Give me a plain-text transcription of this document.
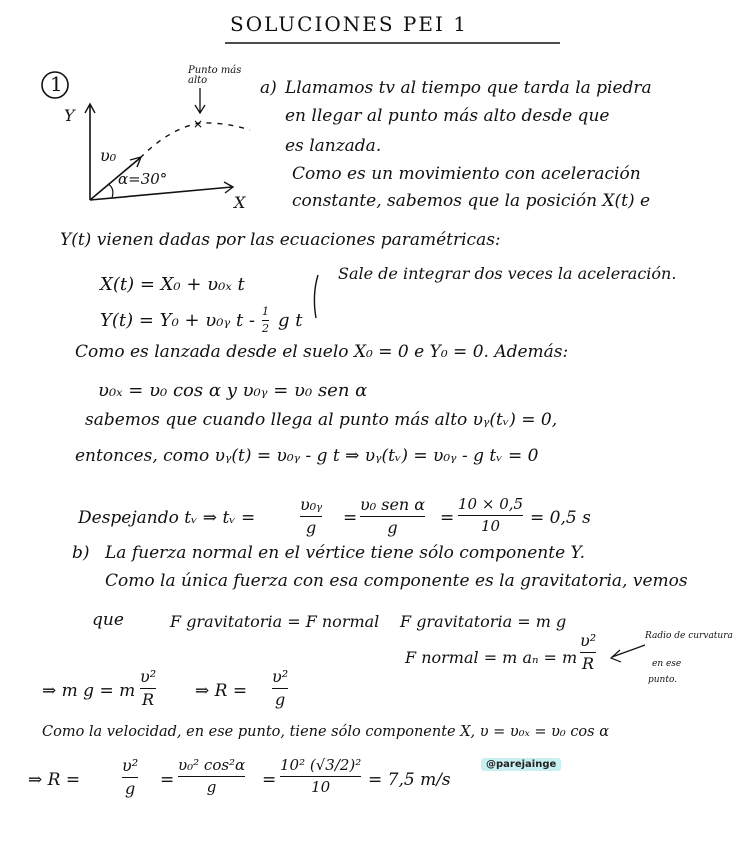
SOLUCIONES PEI 1
×
1
Y
X
υ₀
α=30°
Punto más alto	a) Llamamos tv al tiempo que tarda la piedra
en llegar al punto más alto desde que
es lanzada.
Como es un movimiento con aceleración
constante, sabemos que la posición X(t) e
Y(t) vienen dadas por las ecuaciones paramétricas:
X(t) = X₀ + υ₀ₓ t
Y(t) = Y₀ + υ₀ᵧ t - 1
2 g t
Sale de integrar dos veces la aceleración.
Como es lanzada desde el suelo X₀ = 0 e Y₀ = 0. Además:
υ₀ₓ = υ₀ cos α y υ₀ᵧ = υ₀ sen α
sabemos que cuando llega al punto más alto υᵧ(tᵥ) = 0,
entonces, como υᵧ(t) = υ₀ᵧ - g t ⇒ υᵧ(tᵥ) = υ₀ᵧ - g tᵥ = 0
Despejando tᵥ ⇒ tᵥ =
υ₀ᵧ
g =
υ₀ sen α
g =
10 × 0,5
10 = 0,5 s
b) La fuerza normal en el vértice tiene sólo componente Y.
Como la única fuerza con esa componente es la gravitatoria, vemos
que	F gravitatoria = F normal F gravitatoria = m g
F normal = m aₙ = m
υ²
R
Radio de curvatura
en ese
punto.
⇒ m g = m
υ²
R ⇒ R =
υ²
g
Como la velocidad, en ese punto, tiene sólo componente X, υ = υ₀ₓ = υ₀ cos α
⇒ R =
υ²
g =
υ₀² cos²α
g	=
10² (√3/2)²
10 = 7,5 m/s
@parejainge
